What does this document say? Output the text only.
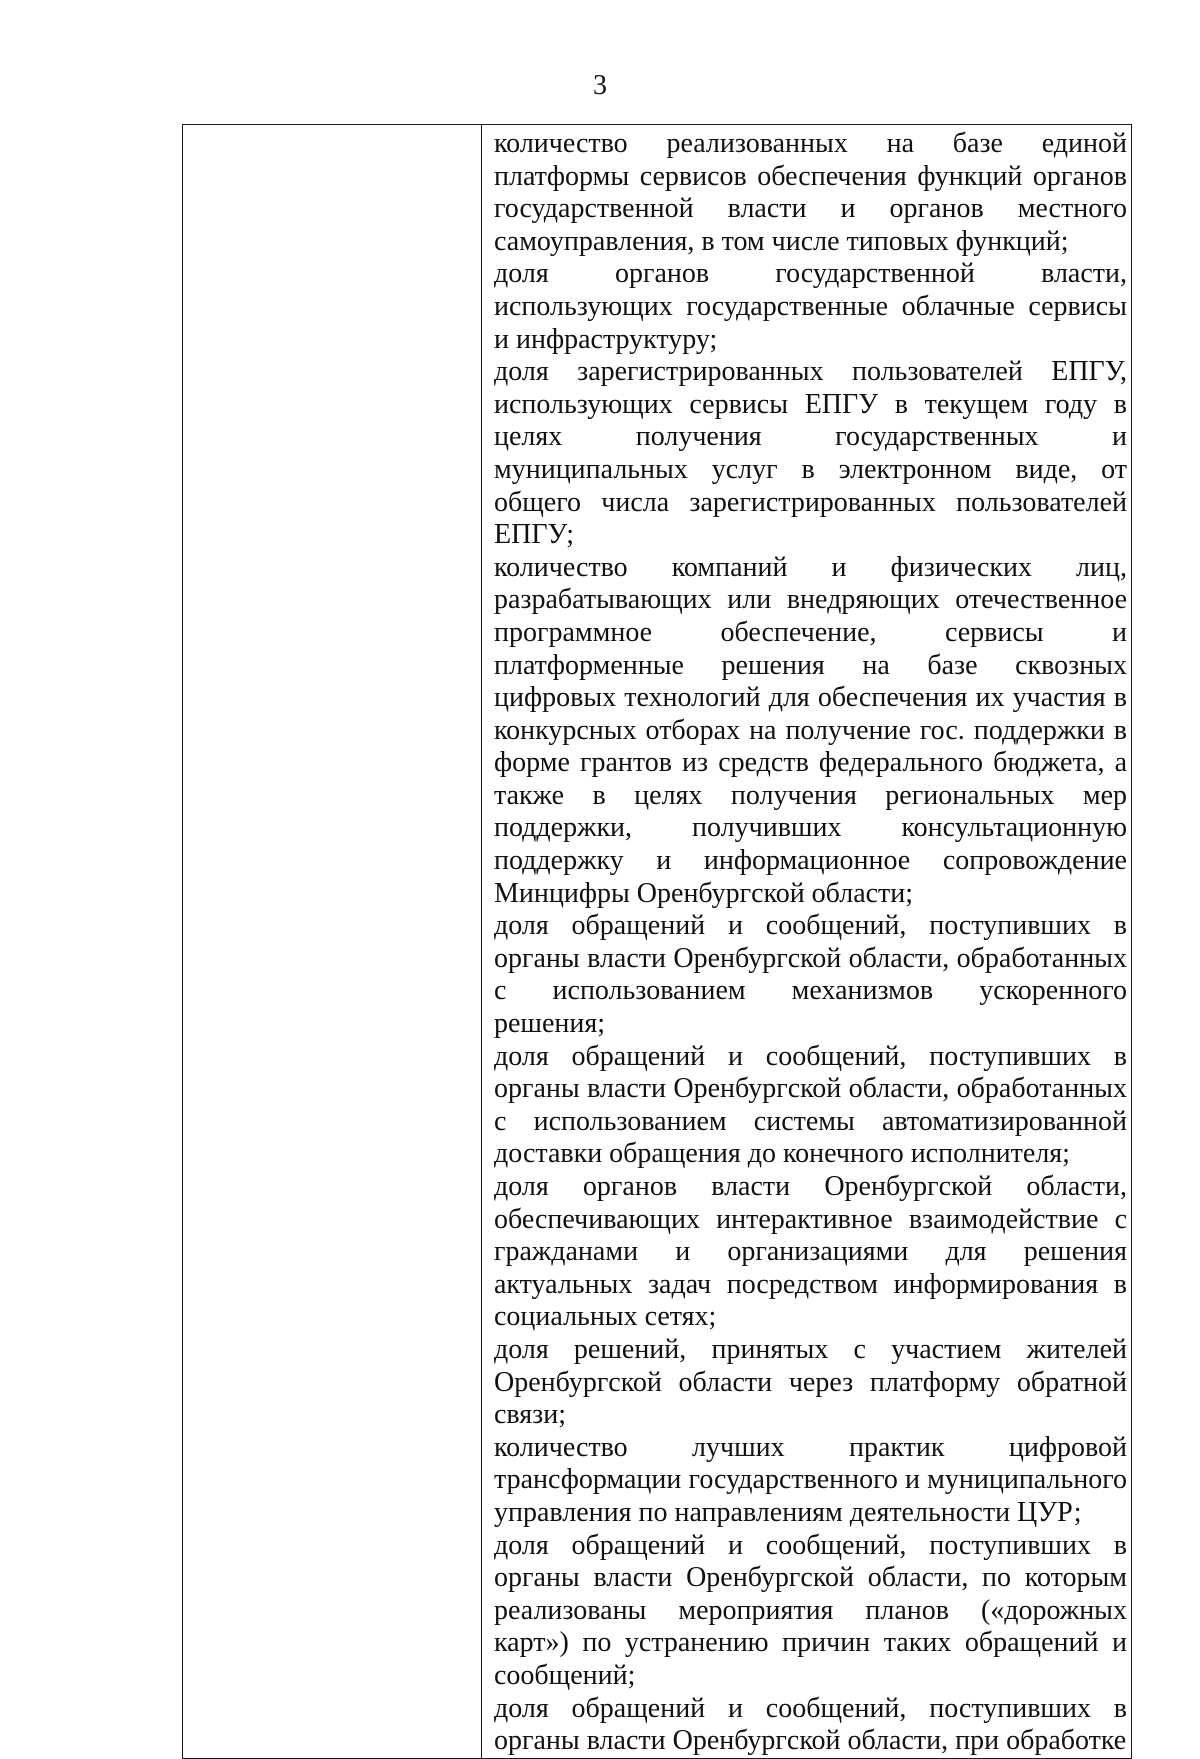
3

количество реализованных на базе единой платформы сервисов обеспечения функций органов государственной власти и органов местного самоуправления, в том числе типовых функций;

доля органов государственной власти, использующих государственные облачные сервисы и инфраструктуру;

доля зарегистрированных пользователей ЕПГУ, использующих сервисы ЕПГУ в текущем году в целях получения государственных и муниципальных услуг в электронном виде, от общего числа зарегистрированных пользователей ЕПГУ;

количество компаний и физических лиц, разрабатывающих или внедряющих отечественное программное обеспечение, сервисы и платформенные решения на базе сквозных цифровых технологий для обеспечения их участия в конкурсных отборах на получение гос. поддержки в форме грантов из средств федерального бюджета, а также в целях получения региональных мер поддержки, получивших консультационную поддержку и информационное сопровождение Минцифры Оренбургской области;

доля обращений и сообщений, поступивших в органы власти Оренбургской области, обработанных с использованием механизмов ускоренного решения;

доля обращений и сообщений, поступивших в органы власти Оренбургской области, обработанных с использованием системы автоматизированной доставки обращения до конечного исполнителя;

доля органов власти Оренбургской области, обеспечивающих интерактивное взаимодействие с гражданами и организациями для решения актуальных задач посредством информирования в социальных сетях;

доля решений, принятых с участием жителей Оренбургской области через платформу обратной связи;

количество лучших практик цифровой трансформации государственного и муниципального управления по направлениям деятельности ЦУР;

доля обращений и сообщений, поступивших в органы власти Оренбургской области, по которым реализованы мероприятия планов («дорожных карт») по устранению причин таких обращений и сообщений;

доля обращений и сообщений, поступивших в органы власти Оренбургской области, при обработке
